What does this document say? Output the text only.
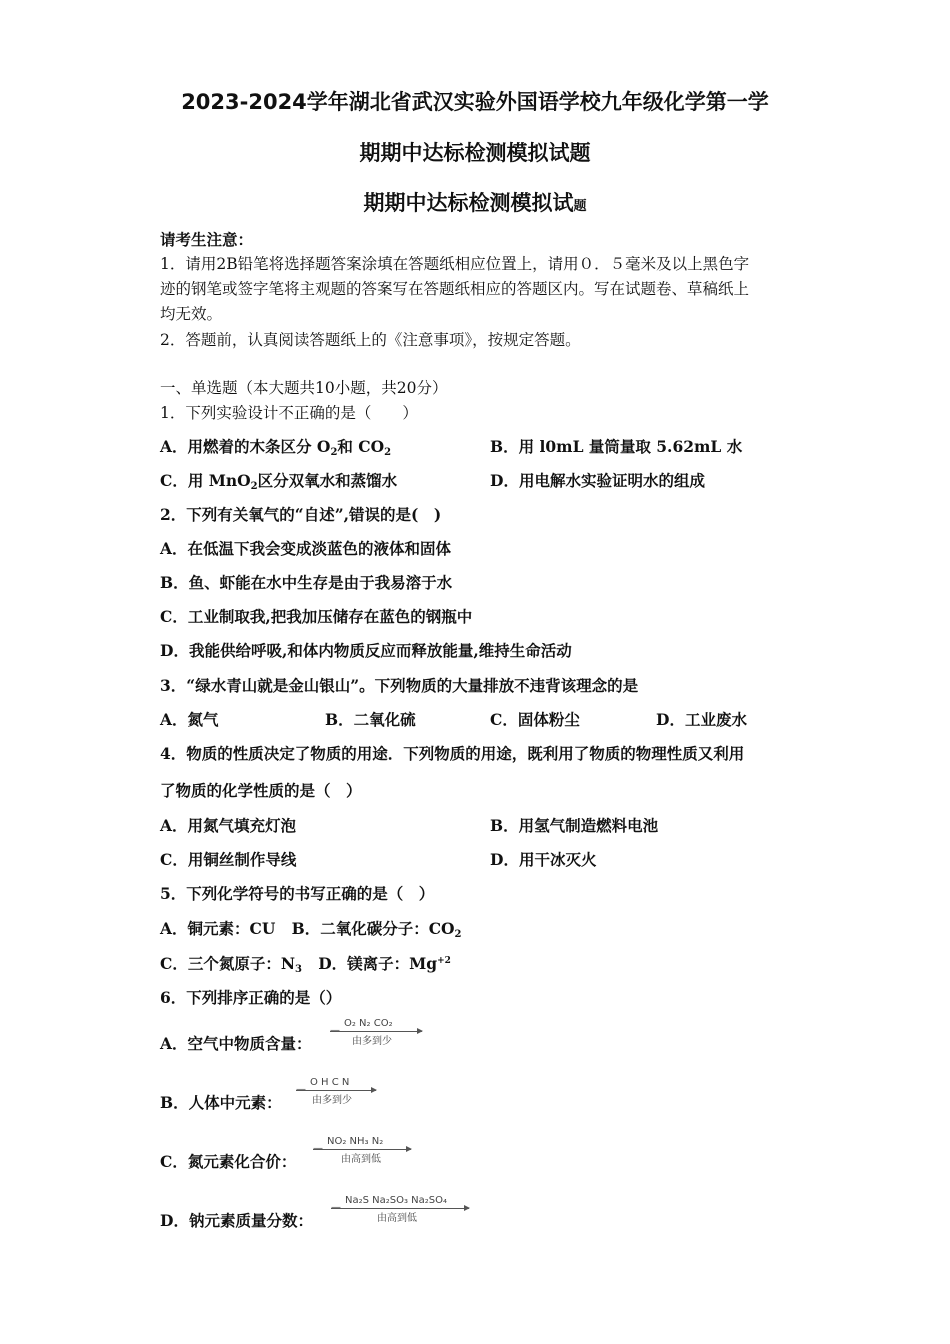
2023-2024学年湖北省武汉实验外国语学校九年级化学第一学
期期中达标检测模拟试题
期期中达标检测模拟试题
请考生注意：
1．请用2B铅笔将选择题答案涂填在答题纸相应位置上，请用０．５毫米及以上黑色字
迹的钢笔或签字笔将主观题的答案写在答题纸相应的答题区内。写在试题卷、草稿纸上
均无效。
2．答题前，认真阅读答题纸上的《注意事项》，按规定答题。
一、单选题（本大题共10小题，共20分）
1．下列实验设计不正确的是（　　）
A．用燃着的木条区分 $O_2$和 $CO_2$	B．用 l0mL 量筒量取 5.62mL 水
C．用 MnO$_2$区分双氧水和蒸馏水	D．用电解水实验证明水的组成
2．下列有关氧气的“自述”,错误的是(　)
A．在低温下我会变成淡蓝色的液体和固体
B．鱼、虾能在水中生存是由于我易溶于水
C．工业制取我,把我加压储存在蓝色的钢瓶中
D．我能供给呼吸,和体内物质反应而释放能量,维持生命活动
3．“绿水青山就是金山银山”。下列物质的大量排放不违背该理念的是
A．氮气	B．二氧化硫	C．固体粉尘	D．工业废水
4．物质的性质决定了物质的用途．下列物质的用途，既利用了物质的物理性质又利用
了物质的化学性质的是（　）
A．用氮气填充灯泡	B．用氢气制造燃料电池
C．用铜丝制作导线	D．用干冰灭火
5．下列化学符号的书写正确的是（　）
A．铜元素：CU B．二氧化碳分子：$CO_2$
C．三个氮原子：$N_3$ D．镁离子：$Mg^{+2}$
6．下列排序正确的是（）
A．空气中物质含量：
O₂ N₂ CO₂
由多到少
B．人体中元素：
O H C N
由多到少
C．氮元素化合价：
NO₂ NH₃ N₂
由高到低
D．钠元素质量分数：
Na₂S Na₂SO₃ Na₂SO₄
由高到低
